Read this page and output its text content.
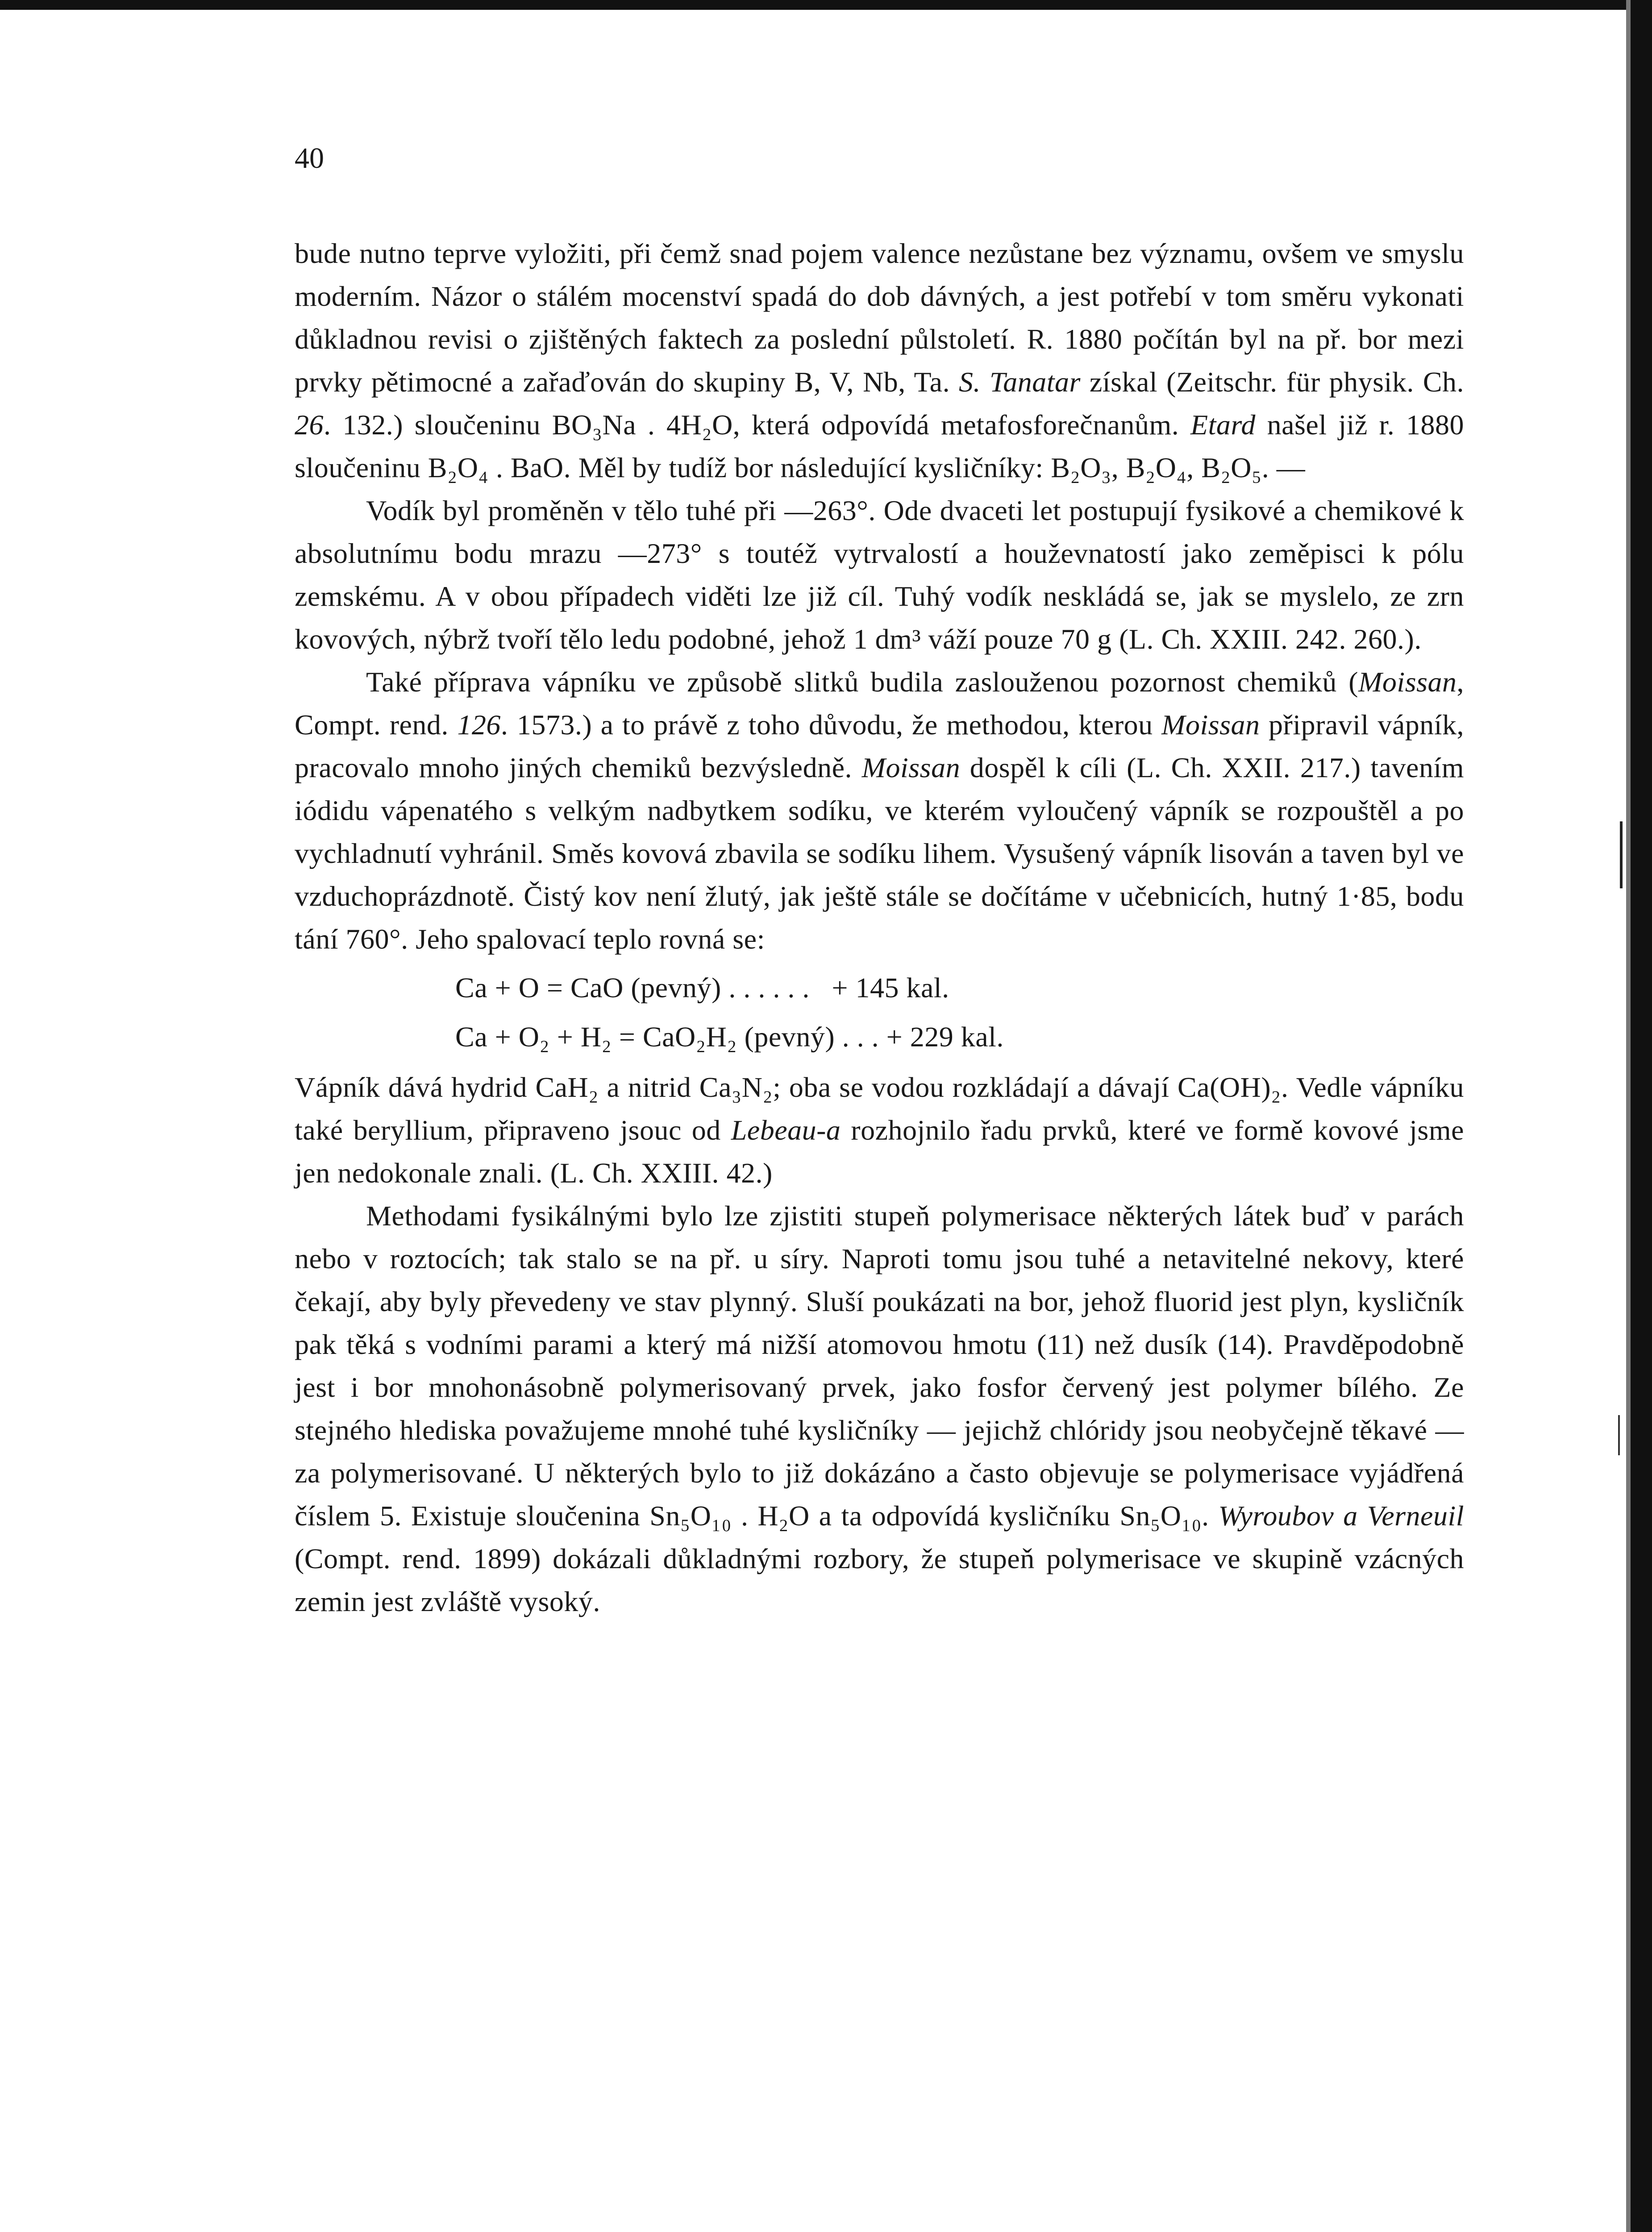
40

bude nutno teprve vyložiti, při čemž snad pojem valence nezůstane bez významu, ovšem ve smyslu moderním. Názor o stálém mocenství spadá do dob dávných, a jest potřebí v tom směru vykonati důkladnou revisi o zjištěných faktech za poslední půlstoletí. R. 1880 počítán byl na př. bor mezi prvky pětimocné a zařaďován do skupiny B, V, Nb, Ta. S. Tanatar získal (Zeitschr. für physik. Ch. 26. 132.) sloučeninu BO₃Na . 4H₂O, která odpovídá metafosforečnanům. Etard našel již r. 1880 sloučeninu B₂O₄ . BaO. Měl by tudíž bor následující kysličníky: B₂O₃, B₂O₄, B₂O₅. —

Vodík byl proměněn v tělo tuhé při —263°. Ode dvaceti let postupují fysikové a chemikové k absolutnímu bodu mrazu —273° s toutéž vytrvalostí a houževnatostí jako zeměpisci k pólu zemskému. A v obou případech viděti lze již cíl. Tuhý vodík neskládá se, jak se myslelo, ze zrn kovových, nýbrž tvoří tělo ledu podobné, jehož 1 dm³ váží pouze 70 g (L. Ch. XXIII. 242. 260.).

Také příprava vápníku ve způsobě slitků budila zaslouženou pozornost chemiků (Moissan, Compt. rend. 126. 1573.) a to právě z toho důvodu, že methodou, kterou Moissan připravil vápník, pracovalo mnoho jiných chemiků bezvýsledně. Moissan dospěl k cíli (L. Ch. XXII. 217.) tavením iódidu vápenatého s velkým nadbytkem sodíku, ve kterém vyloučený vápník se rozpouštěl a po vychladnutí vyhránil. Směs kovová zbavila se sodíku lihem. Vysušený vápník lisován a taven byl ve vzduchoprázdnotě. Čistý kov není žlutý, jak ještě stále se dočítáme v učebnicích, hutný 1·85, bodu tání 760°. Jeho spalovací teplo rovná se:

Ca + O = CaO (pevný) . . . . . .   + 145 kal.
Ca + O₂ + H₂ = CaO₂H₂ (pevný) . . . + 229 kal.

Vápník dává hydrid CaH₂ a nitrid Ca₃N₂; oba se vodou rozkládají a dávají Ca(OH)₂. Vedle vápníku také beryllium, připraveno jsouc od Lebeau-a rozhojnilo řadu prvků, které ve formě kovové jsme jen nedokonale znali. (L. Ch. XXIII. 42.)

Methodami fysikálnými bylo lze zjistiti stupeň polymerisace některých látek buď v parách nebo v roztocích; tak stalo se na př. u síry. Naproti tomu jsou tuhé a netavitelné nekovy, které čekají, aby byly převedeny ve stav plynný. Sluší poukázati na bor, jehož fluorid jest plyn, kysličník pak těká s vodními parami a který má nižší atomovou hmotu (11) než dusík (14). Pravděpodobně jest i bor mnohonásobně polymerisovaný prvek, jako fosfor červený jest polymer bílého. Ze stejného hlediska považujeme mnohé tuhé kysličníky — jejichž chlóridy jsou neobyčejně těkavé — za polymerisované. U některých bylo to již dokázáno a často objevuje se polymerisace vyjádřená číslem 5. Existuje sloučenina Sn₅O₁₀ . H₂O a ta odpovídá kysličníku Sn₅O₁₀. Wyroubov a Verneuil (Compt. rend. 1899) dokázali důkladnými rozbory, že stupeň polymerisace ve skupině vzácných zemin jest zvláště vysoký.
